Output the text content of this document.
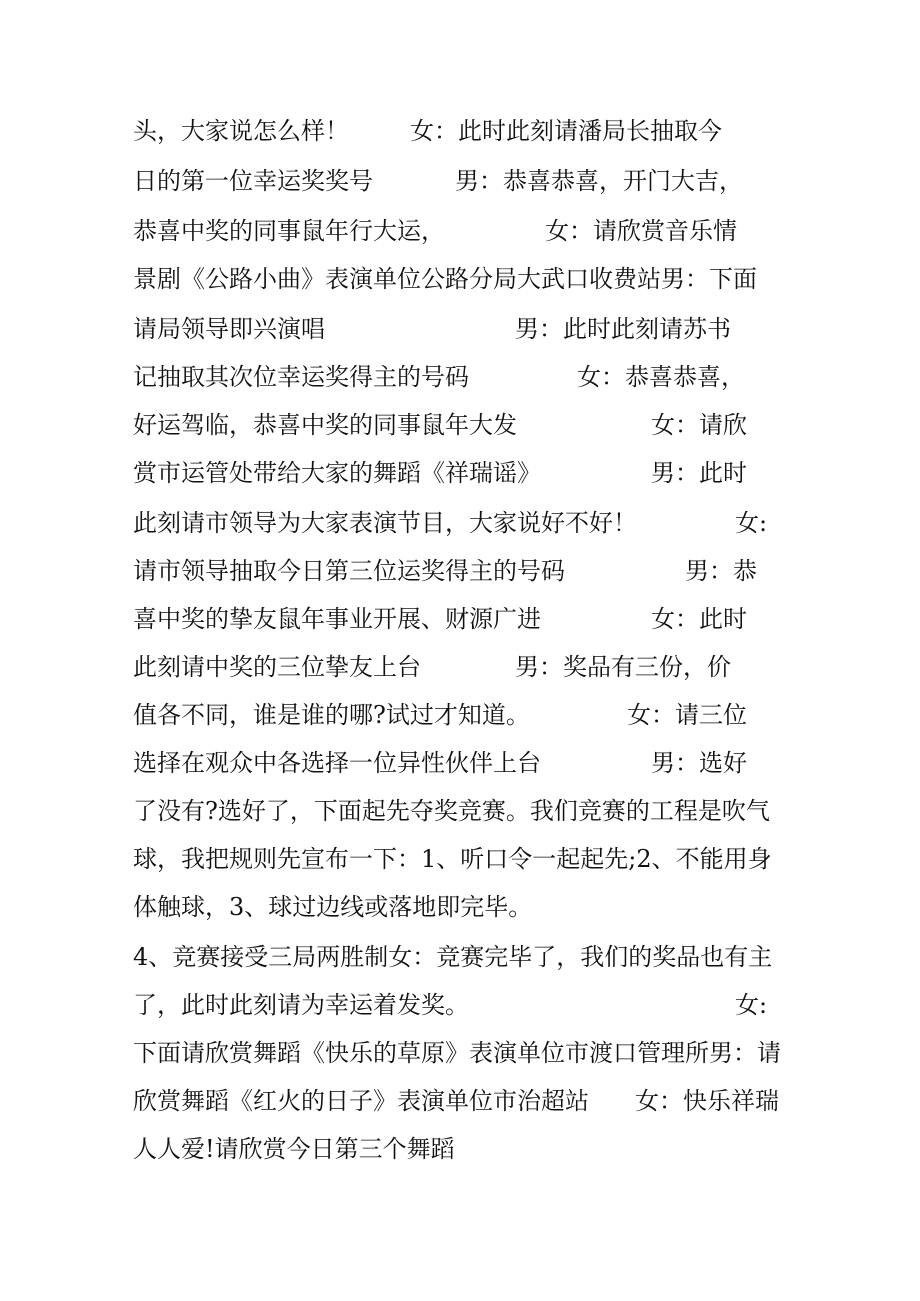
头，大家说怎么样！

	女：此时此刻请潘局长抽取今

日的第一位幸运奖奖号

	男：恭喜恭喜，开门大吉，

恭喜中奖的同事鼠年行大运，

	女：请欣赏音乐情

景剧《公路小曲》表演单位公路分局大武口收费站男：下面

请局领导即兴演唱

	男：此时此刻请苏书

记抽取其次位幸运奖得主的号码

	女：恭喜恭喜，

好运驾临，恭喜中奖的同事鼠年大发

	女：请欣

赏市运管处带给大家的舞蹈《祥瑞谣》

	男：此时

此刻请市领导为大家表演节目，大家说好不好！

	女:

请市领导抽取今日第三位运奖得主的号码

	男：恭

喜中奖的挚友鼠年事业开展、财源广进

	女：此时

此刻请中奖的三位挚友上台

	男：奖品有三份，价

值各不同，谁是谁的哪?试过才知道。

	女：请三位

选择在观众中各选择一位异性伙伴上台

	男：选好

了没有?选好了，下面起先夺奖竞赛。我们竞赛的工程是吹气

球，我把规则先宣布一下：1、听口令一起起先;2、不能用身

体触球，3、球过边线或落地即完毕。

4、竞赛接受三局两胜制女：竞赛完毕了，我们的奖品也有主

了，此时此刻请为幸运着发奖。

	女:

下面请欣赏舞蹈《快乐的草原》表演单位市渡口管理所男：请

欣赏舞蹈《红火的日子》表演单位市治超站

女：快乐祥瑞

人人爱!请欣赏今日第三个舞蹈
